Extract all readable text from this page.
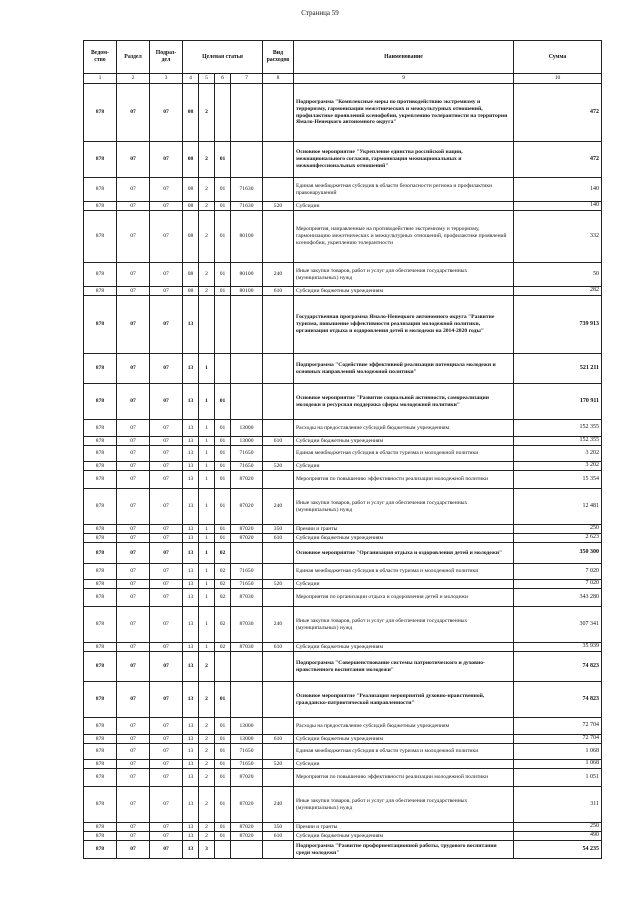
Страница 59
Ведом-ство	Раздел	Подраз-дел	Целевая статья				Вид расходов	Наименование	Сумма
1	2	3	4	5	6	7	8	9	10
878	07	07	08	2				Подпрограмма "Комплексные меры по противодействию экстремизму и терроризму, гармонизации межэтнических и межкультурных отношений, профилактике проявлений ксенофобии, укреплению толерантности на территории Ямало-Ненецкого автономного округа"	472
878	07	07	08	2	01			Основное мероприятие "Укрепление единства российской нации, межнационального согласия, гармонизация межнациональных и межконфессиональных отношений"	472
878	07	07	08	2	01	71630		Единая межбюджетная субсидия в области безопасности региона и профилактики правонарушений	140
878	07	07	08	2	01	71630	520	Субсидии	140
878	07	07	08	2	01	80100		Мероприятия, направленные на противодействие экстремизму и терроризму, гармонизацию межэтнических и межкультурных отношений, профилактике проявлений ксенофобии, укреплению толерантности	332
878	07	07	08	2	01	80100	240	Иные закупки товаров, работ и услуг для обеспечения государственных (муниципальных) нужд	50
878	07	07	08	2	01	80100	610	Субсидии бюджетным учреждениям	282
878	07	07	13					Государственная программа Ямало-Ненецкого автономного округа "Развитие туризма, повышение эффективности реализации молодежной политики, организация отдыха и оздоровления детей и молодежи на 2014-2020 годы"	739 913
878	07	07	13	1				Подпрограмма "Содействие эффективной реализации потенциала молодежи и основных направлений молодежной политики"	521 211
878	07	07	13	1	01			Основное мероприятие "Развитие социальной активности, самореализации молодежи и ресурсная поддержка сферы молодежной политики"	170 911
878	07	07	13	1	01	13000		Расходы на предоставление субсидий бюджетным учреждениям	152 355
878	07	07	13	1	01	13000	610	Субсидии бюджетным учреждениям	152 355
878	07	07	13	1	01	71650		Единая межбюджетная субсидия в области туризма и молодежной политики	3 202
878	07	07	13	1	01	71650	520	Субсидии	3 202
878	07	07	13	1	01	87020		Мероприятия по повышению эффективности реализации молодежной политики	15 354
878	07	07	13	1	01	87020	240	Иные закупки товаров, работ и услуг для обеспечения государственных (муниципальных) нужд	12 481
878	07	07	13	1	01	87020	350	Премии и гранты	250
878	07	07	13	1	01	87020	610	Субсидии бюджетным учреждениям	2 623
878	07	07	13	1	02			Основное мероприятие "Организация отдыха и оздоровления детей и молодежи"	350 300
878	07	07	13	1	02	71650		Единая межбюджетная субсидия в области туризма и молодежной политики	7 020
878	07	07	13	1	02	71650	520	Субсидии	7 020
878	07	07	13	1	02	87030		Мероприятия по организации отдыха и оздоровления детей и молодежи	343 280
878	07	07	13	1	02	87030	240	Иные закупки товаров, работ и услуг для обеспечения государственных (муниципальных) нужд	307 341
878	07	07	13	1	02	87030	610	Субсидии бюджетным учреждениям	35 939
878	07	07	13	2				Подпрограмма "Совершенствование системы патриотического и духовно-нравственного воспитания молодежи"	74 823
878	07	07	13	2	01			Основное мероприятие "Реализация мероприятий духовно-нравственной, гражданско-патриотической направленности"	74 823
878	07	07	13	2	01	13000		Расходы на предоставление субсидий бюджетным учреждениям	72 704
878	07	07	13	2	01	13000	610	Субсидии бюджетным учреждениям	72 704
878	07	07	13	2	01	71650		Единая межбюджетная субсидия в области туризма и молодежной политики	1 068
878	07	07	13	2	01	71650	520	Субсидии	1 068
878	07	07	13	2	01	87020		Мероприятия по повышению эффективности реализации молодежной политики	1 051
878	07	07	13	2	01	87020	240	Иные закупки товаров, работ и услуг для обеспечения государственных (муниципальных) нужд	311
878	07	07	13	2	01	87020	350	Премии и гранты	250
878	07	07	13	2	01	87020	610	Субсидии бюджетным учреждениям	490
878	07	07	13	3				Подпрограмма "Развитие профориентационной работы, трудового воспитания среди молодежи"	54 235
